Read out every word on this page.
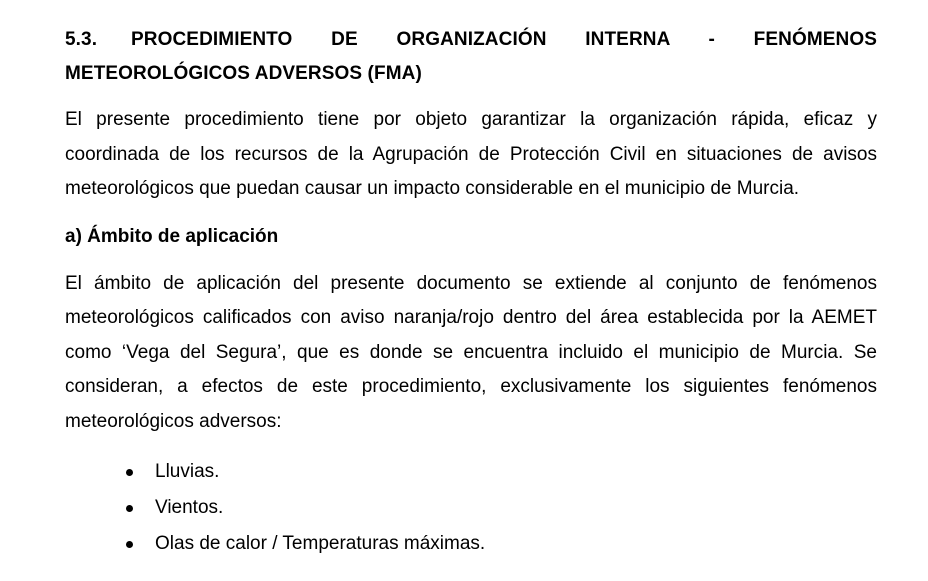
5.3. PROCEDIMIENTO DE ORGANIZACIÓN INTERNA - FENÓMENOS METEOROLÓGICOS ADVERSOS (FMA)

El presente procedimiento tiene por objeto garantizar la organización rápida, eficaz y coordinada de los recursos de la Agrupación de Protección Civil en situaciones de avisos meteorológicos que puedan causar un impacto considerable en el municipio de Murcia.

a) Ámbito de aplicación

El ámbito de aplicación del presente documento se extiende al conjunto de fenómenos meteorológicos calificados con aviso naranja/rojo dentro del área establecida por la AEMET como ‘Vega del Segura’, que es donde se encuentra incluido el municipio de Murcia. Se consideran, a efectos de este procedimiento, exclusivamente los siguientes fenómenos meteorológicos adversos:

Lluvias.
Vientos.
Olas de calor / Temperaturas máximas.
